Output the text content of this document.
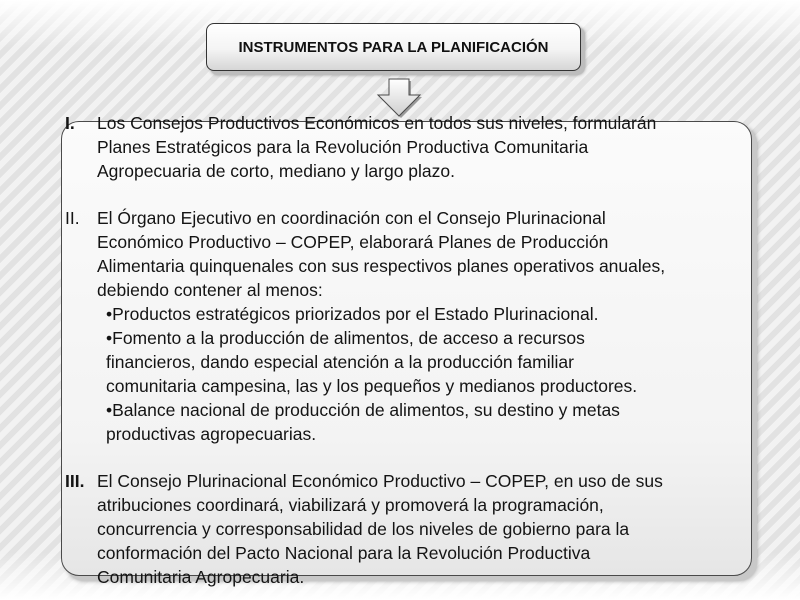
INSTRUMENTOS PARA LA PLANIFICACIÓN
I. Los Consejos Productivos Económicos en todos sus niveles, formularán
Planes Estratégicos para la Revolución Productiva Comunitaria
Agropecuaria de corto, mediano y largo plazo.
II. El Órgano Ejecutivo en coordinación con el Consejo Plurinacional
Económico Productivo – COPEP, elaborará Planes de Producción
Alimentaria quinquenales con sus respectivos planes operativos anuales,
debiendo contener al menos:
•Productos estratégicos priorizados por el Estado Plurinacional.
•Fomento a la producción de alimentos, de acceso a recursos
financieros, dando especial atención a la producción familiar
comunitaria campesina, las y los pequeños y medianos productores.
•Balance nacional de producción de alimentos, su destino y metas
productivas agropecuarias.
III. El Consejo Plurinacional Económico Productivo – COPEP, en uso de sus
atribuciones coordinará, viabilizará y promoverá la programación,
concurrencia y corresponsabilidad de los niveles de gobierno para la
conformación del Pacto Nacional para la Revolución Productiva
Comunitaria Agropecuaria.
